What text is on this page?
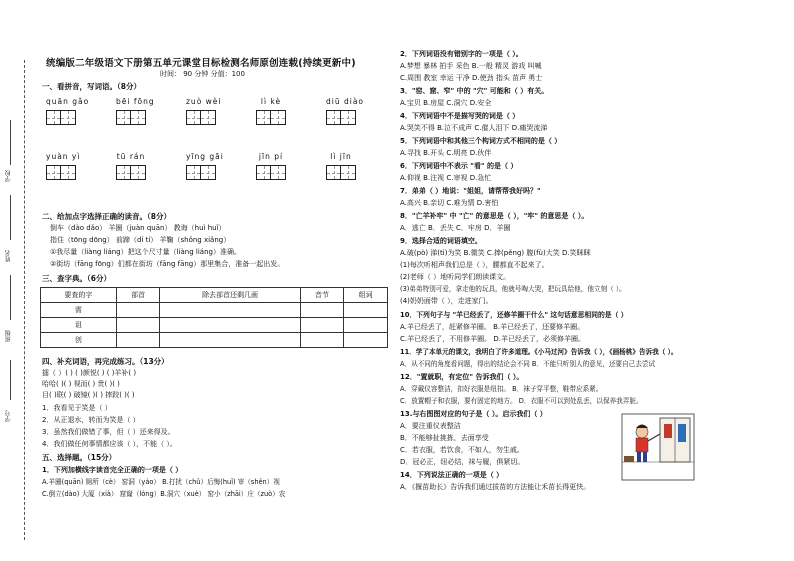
学号
班级
姓名
学校
统编版二年级语文下册第五单元课堂目标检测名师原创连载(持续更新中)
时间： 90 分钟 分值：100
一、看拼音，写词语。（8分）
quān gǎo	bēi fōng	zuò wèi	lì kè	diū diào
yuàn yì	tū rán	yīng gāi	jīn pí	lì jīn
二、给加点字选择正确的读音。（8分）
倒车（dào dǎo） 羊圈（juàn quān） 教诲（huì huǐ）
指住（tōng dōng） 前蹄（dí tí） 羊鞠（shǒng xiǎng）
①我尽量（liàng liáng）把这个尺寸量（liàng liáng）准确。
②街坊（fāng fōng）们都在街坊（fāng fāng）那里集合，准备一起出发。
三、查字典。（6分）
要查的字	部首	除去部首还剩几画	音节	组词
需				
诅				
创				
四、补充词语，再完成练习。（13分）
擂（ ）( ) ( )颜悦( ) ( )羊补( )
哈哈( )( ) 视而( ) 贵( )( )
目( )联( ) 破镜( )( ) 摔跤( )( )
1．我看见于笑是（ ）
2．从正退水，转而为笑是（ ）
3．虽然我们做错了事，但（ ）还来得及。
4．我们做任何事情都应该（ ），不能（ ）。
五、选择题。（15分）
1．下列加横线字读音完全正确的一项是（ ）
A.羊圈(quān) 厕所（cè） 窑洞（yáo） B.打扰（chǔ）后悔(huǐ) 审（shěn）视
C.倒立(dào) 大厦（xià） 窟窿（lóng）B.洞穴（xuè） 窑小（zhāi）庄（zuò）农
2．下列词语没有错别字的一项是（ ）。
A.梦想 暴林 拍手 采色 B.一般 精灵 游戏 叫喊
C.周围 教室 幸运 干净 D.使劲 指头 苗声 勇士
3．"窑、窟、窄" 中的 "穴" 可能和（ ）有关。
A.宝贝 B.房屋 C.洞穴 D.安全
4．下列词语中不是描写哭的词是（ ）
A.哭笑不得 B.泣不成声 C.催人泪下 D.痛哭流涕
5．下列词语中和其他三个构词方式不相同的是（ ）
A.寻找 B.开头 C.明亮 D.伙伴
6．下列词语中不表示 "看" 的是（ ）
A.仰视 B.注视 C.审视 D.急忙
7．弟弟（ ）地说："姐姐，请帮帮我好吗？"
A.高兴 B.亲切 C.难为情 D.害怕
8．"亡羊补牢" 中 "亡" 的意思是（ ），"牢" 的意思是（ ）。
A．逃亡 B．丢失 C．牢房 D．羊圈
9．选择合适的词语填空。
A.破(pò) 涕(tì)为笑 B.微笑 C.捧(pěng) 腹(fù)大笑 D.笑眯眯
(1)每次听相声我们总是（ ），腰都直不起来了。
(2)老师（ ）地听同学们朗读课文。
(3)弟弟特别可爱，拿走他的玩具，他就号啕大哭，把玩具给他，他立刻（ ）。
(4)奶奶面带（ ），走进家门。
10．下列句子与 "羊已经丢了，还修羊圈干什么" 这句话意思相同的是（ ）
A.羊已经丢了，赶紧修羊圈。 B.羊已经丢了，还要修羊圈。
C.羊已经丢了，不用修羊圈。 D.羊已经丢了，必须修羊圈。
11．学了本单元的课文，我明白了许多道理。《小马过河》告诉我（ ），《画杨桃》告诉我（ ）。
A．从不同的角度看问题，得出的结论会不同 B．不能只听别人的意见，还要自己去尝试
12．"置就职，有定位" 告诉我们（ ）。
A．穿戴仪容整洁，扣好衣服是纽扣。 B．袜子穿平整，鞋带应系紧。
C．放置帽子和衣服，要有固定的地方。 D．衣服不可以到处乱丢，以保养我弄脏。
13.与右图图对应的句子是（ ）。启示我们（ ）
A．要注重仪表整洁
B．不能够扯挑拣，去面享受
C．若衣服，若饮食，不如人，勿生戚。
D．冠必正，纽必结，袜与履，俱紧切。
14．下列说法正确的一项是（ ）
A．《揠苗助长》告诉我们通过拔苗的方法能让禾苗长得更快。
